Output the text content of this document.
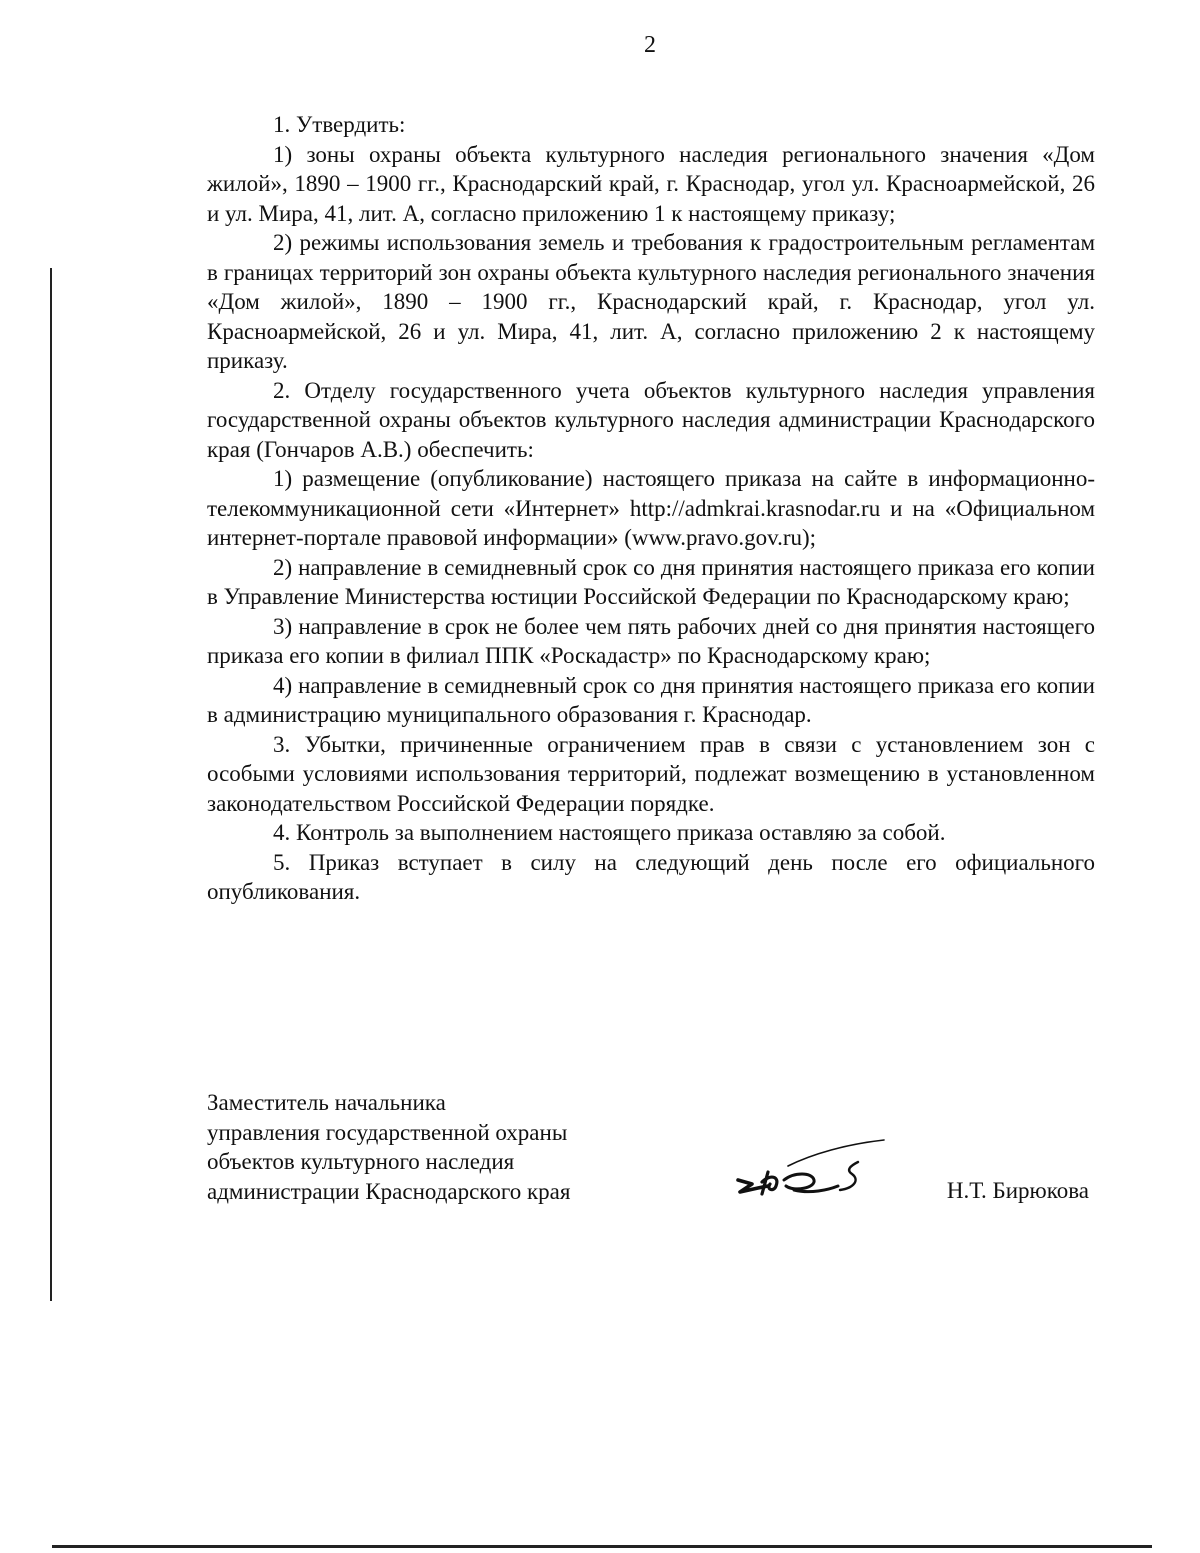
2

1. Утвердить:

1) зоны охраны объекта культурного наследия регионального значения «Дом жилой», 1890 – 1900 гг., Краснодарский край, г. Краснодар, угол ул. Красноармейской, 26 и ул. Мира, 41, лит. А, согласно приложению 1 к настоящему приказу;

2) режимы использования земель и требования к градостроительным регламентам в границах территорий зон охраны объекта культурного наследия регионального значения «Дом жилой», 1890 – 1900 гг., Краснодарский край, г. Краснодар, угол ул. Красноармейской, 26 и ул. Мира, 41, лит. А, согласно приложению 2 к настоящему приказу.

2. Отделу государственного учета объектов культурного наследия управления государственной охраны объектов культурного наследия администрации Краснодарского края (Гончаров А.В.) обеспечить:

1) размещение (опубликование) настоящего приказа на сайте в информационно-телекоммуникационной сети «Интернет» http://admkrai.krasnodar.ru и на «Официальном интернет-портале правовой информации» (www.pravo.gov.ru);

2) направление в семидневный срок со дня принятия настоящего приказа его копии в Управление Министерства юстиции Российской Федерации по Краснодарскому краю;

3) направление в срок не более чем пять рабочих дней со дня принятия настоящего приказа его копии в филиал ППК «Роскадастр» по Краснодарскому краю;

4) направление в семидневный срок со дня принятия настоящего приказа его копии в администрацию муниципального образования г. Краснодар.

3. Убытки, причиненные ограничением прав в связи с установлением зон с особыми условиями использования территорий, подлежат возмещению в установленном законодательством Российской Федерации порядке.

4. Контроль за выполнением настоящего приказа оставляю за собой.

5. Приказ вступает в силу на следующий день после его официального опубликования.

Заместитель начальника
управления государственной охраны
объектов культурного наследия
администрации Краснодарского края	Н.Т. Бирюкова
